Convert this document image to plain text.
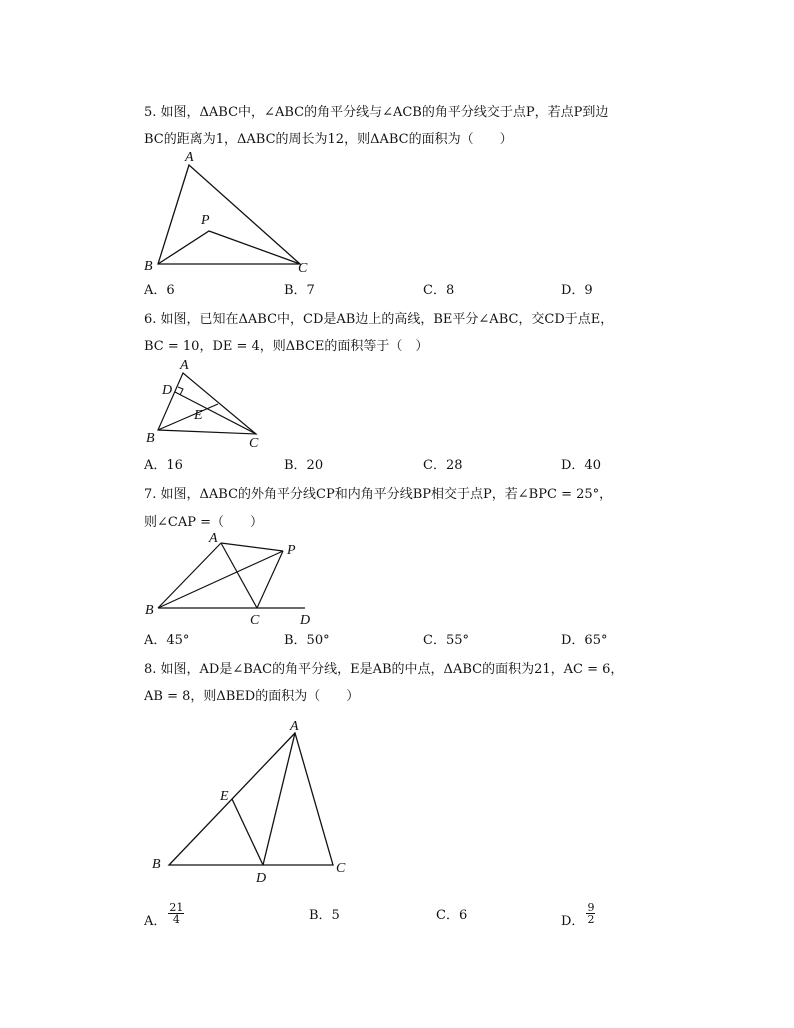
5. 如图，ΔABC中，∠ABC的角平分线与∠ACB的角平分线交于点P，若点P到边
BC的距离为1，ΔABC的周长为12，则ΔABC的面积为（　　）
A
B	C
P
A．6	B．7	C．8	D．9
6. 如图，已知在ΔABC中，CD是AB边上的高线，BE平分∠ABC，交CD于点E，
BC = 10，DE = 4，则ΔBCE的面积等于（　）
A
D
E
B	C
A．16	B．20	C．28	D．40
7. 如图，ΔABC的外角平分线CP和内角平分线BP相交于点P，若∠BPC = 25°，
则∠CAP =（　　）
A
P
B
C	D
A．45°	B．50°	C．55°	D．65°
8. 如图，AD是∠BAC的角平分线，E是AB的中点，ΔABC的面积为21，AC = 6，
AB = 8，则ΔBED的面积为（　　）
A
E
B
D
C
A． $\frac{21}{4}$	B．5	C．6	D． $\frac{9}{2}$
